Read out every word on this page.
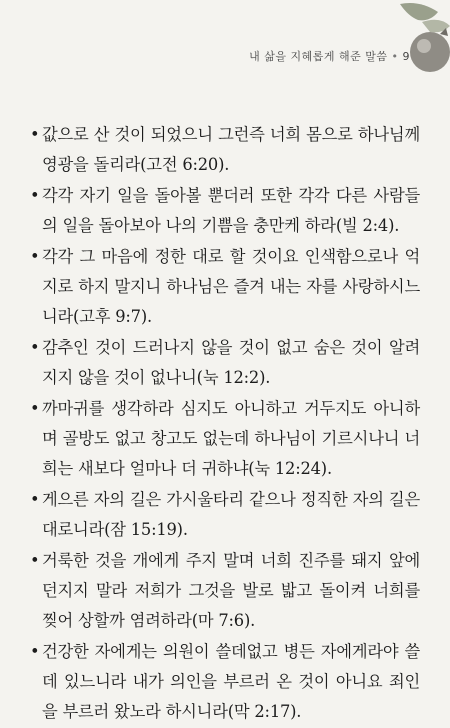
내 삶을 지혜롭게 해준 말씀 • 9
• 값으로 산 것이 되었으니 그런즉 너희 몸으로 하나님께 영광을 돌리라(고전 6:20).
• 각각 자기 일을 돌아볼 뿐더러 또한 각각 다른 사람들의 일을 돌아보아 나의 기쁨을 충만케 하라(빌 2:4).
• 각각 그 마음에 정한 대로 할 것이요 인색함으로나 억지로 하지 말지니 하나님은 즐겨 내는 자를 사랑하시느니라(고후 9:7).
• 감추인 것이 드러나지 않을 것이 없고 숨은 것이 알려지지 않을 것이 없나니(눅 12:2).
• 까마귀를 생각하라 심지도 아니하고 거두지도 아니하며 골방도 없고 창고도 없는데 하나님이 기르시나니 너희는 새보다 얼마나 더 귀하냐(눅 12:24).
• 게으른 자의 길은 가시울타리 같으나 정직한 자의 길은 대로니라(잠 15:19).
• 거룩한 것을 개에게 주지 말며 너희 진주를 돼지 앞에 던지지 말라 저희가 그것을 발로 밟고 돌이켜 너희를 찢어 상할까 염려하라(마 7:6).
• 건강한 자에게는 의원이 쓸데없고 병든 자에게라야 쓸데 있느니라 내가 의인을 부르러 온 것이 아니요 죄인을 부르러 왔노라 하시니라(막 2:17).
